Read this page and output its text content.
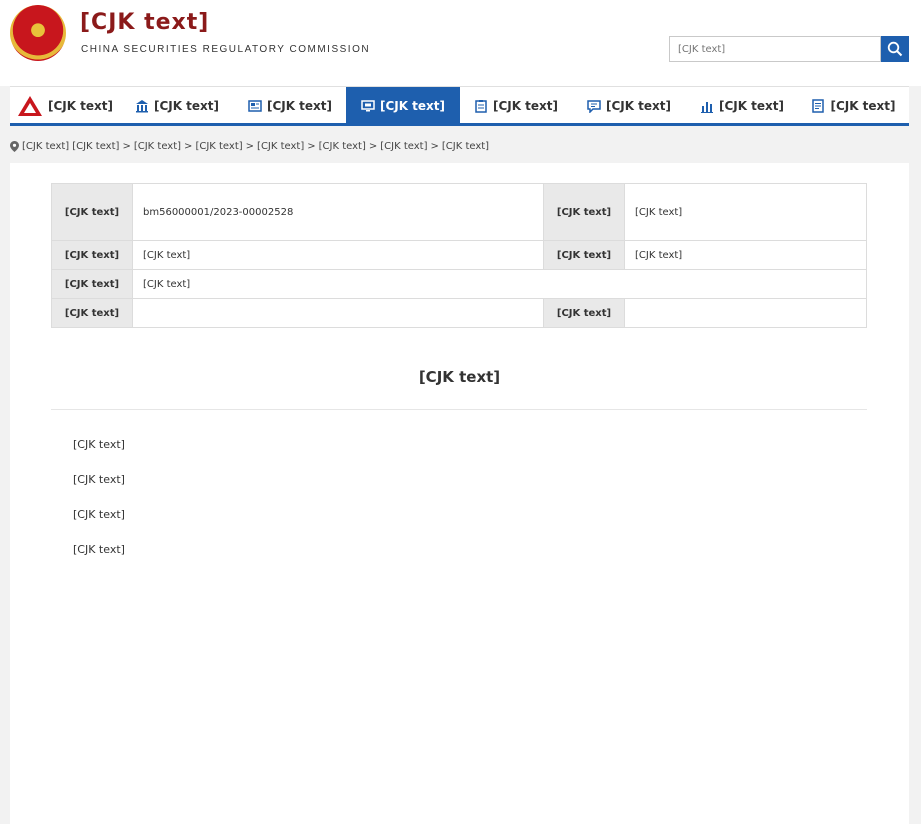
[CJK text]
CHINA SECURITIES REGULATORY COMMISSION
[CJK text]
[CJK text]	[CJK text]	[CJK text]	[CJK text]	[CJK text]	[CJK text]	[CJK text]	[CJK text]
[CJK text] [CJK text] > [CJK text] > [CJK text] > [CJK text] > [CJK text] > [CJK text] > [CJK text]
[CJK text]	bm56000001/2023-00002528	[CJK text]	[CJK text]
[CJK text]	[CJK text]	[CJK text]	[CJK text]
[CJK text]	[CJK text]		
[CJK text]		[CJK text]	
[CJK text]

[CJK text]

[CJK text]

[CJK text]

[CJK text]
